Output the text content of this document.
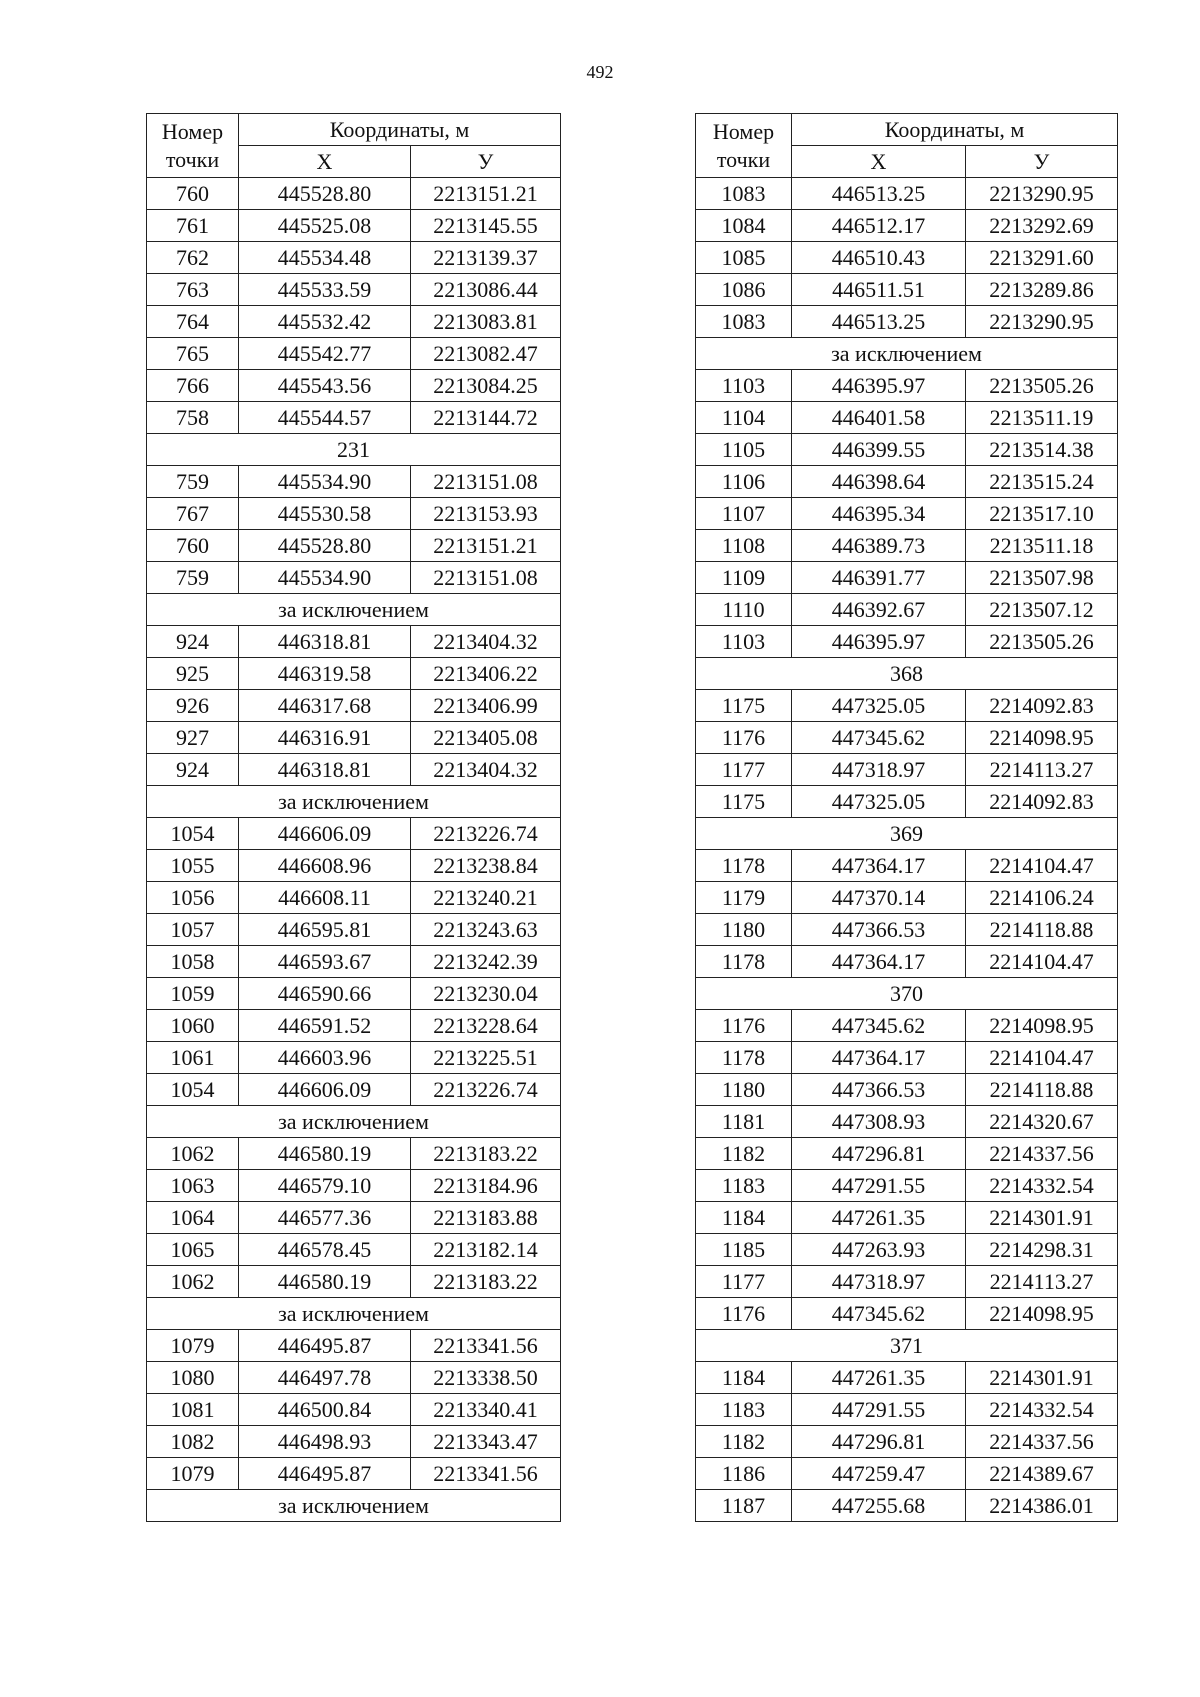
492
Номер
точки	Координаты, м	
	X	У
760	445528.80	2213151.21
761	445525.08	2213145.55
762	445534.48	2213139.37
763	445533.59	2213086.44
764	445532.42	2213083.81
765	445542.77	2213082.47
766	445543.56	2213084.25
758	445544.57	2213144.72
231		
759	445534.90	2213151.08
767	445530.58	2213153.93
760	445528.80	2213151.21
759	445534.90	2213151.08
за исключением		
924	446318.81	2213404.32
925	446319.58	2213406.22
926	446317.68	2213406.99
927	446316.91	2213405.08
924	446318.81	2213404.32
за исключением		
1054	446606.09	2213226.74
1055	446608.96	2213238.84
1056	446608.11	2213240.21
1057	446595.81	2213243.63
1058	446593.67	2213242.39
1059	446590.66	2213230.04
1060	446591.52	2213228.64
1061	446603.96	2213225.51
1054	446606.09	2213226.74
за исключением		
1062	446580.19	2213183.22
1063	446579.10	2213184.96
1064	446577.36	2213183.88
1065	446578.45	2213182.14
1062	446580.19	2213183.22
за исключением		
1079	446495.87	2213341.56
1080	446497.78	2213338.50
1081	446500.84	2213340.41
1082	446498.93	2213343.47
1079	446495.87	2213341.56
за исключением		
Номер
точки	Координаты, м	
	X	У
1083	446513.25	2213290.95
1084	446512.17	2213292.69
1085	446510.43	2213291.60
1086	446511.51	2213289.86
1083	446513.25	2213290.95
за исключением		
1103	446395.97	2213505.26
1104	446401.58	2213511.19
1105	446399.55	2213514.38
1106	446398.64	2213515.24
1107	446395.34	2213517.10
1108	446389.73	2213511.18
1109	446391.77	2213507.98
1110	446392.67	2213507.12
1103	446395.97	2213505.26
368		
1175	447325.05	2214092.83
1176	447345.62	2214098.95
1177	447318.97	2214113.27
1175	447325.05	2214092.83
369		
1178	447364.17	2214104.47
1179	447370.14	2214106.24
1180	447366.53	2214118.88
1178	447364.17	2214104.47
370		
1176	447345.62	2214098.95
1178	447364.17	2214104.47
1180	447366.53	2214118.88
1181	447308.93	2214320.67
1182	447296.81	2214337.56
1183	447291.55	2214332.54
1184	447261.35	2214301.91
1185	447263.93	2214298.31
1177	447318.97	2214113.27
1176	447345.62	2214098.95
371		
1184	447261.35	2214301.91
1183	447291.55	2214332.54
1182	447296.81	2214337.56
1186	447259.47	2214389.67
1187	447255.68	2214386.01
